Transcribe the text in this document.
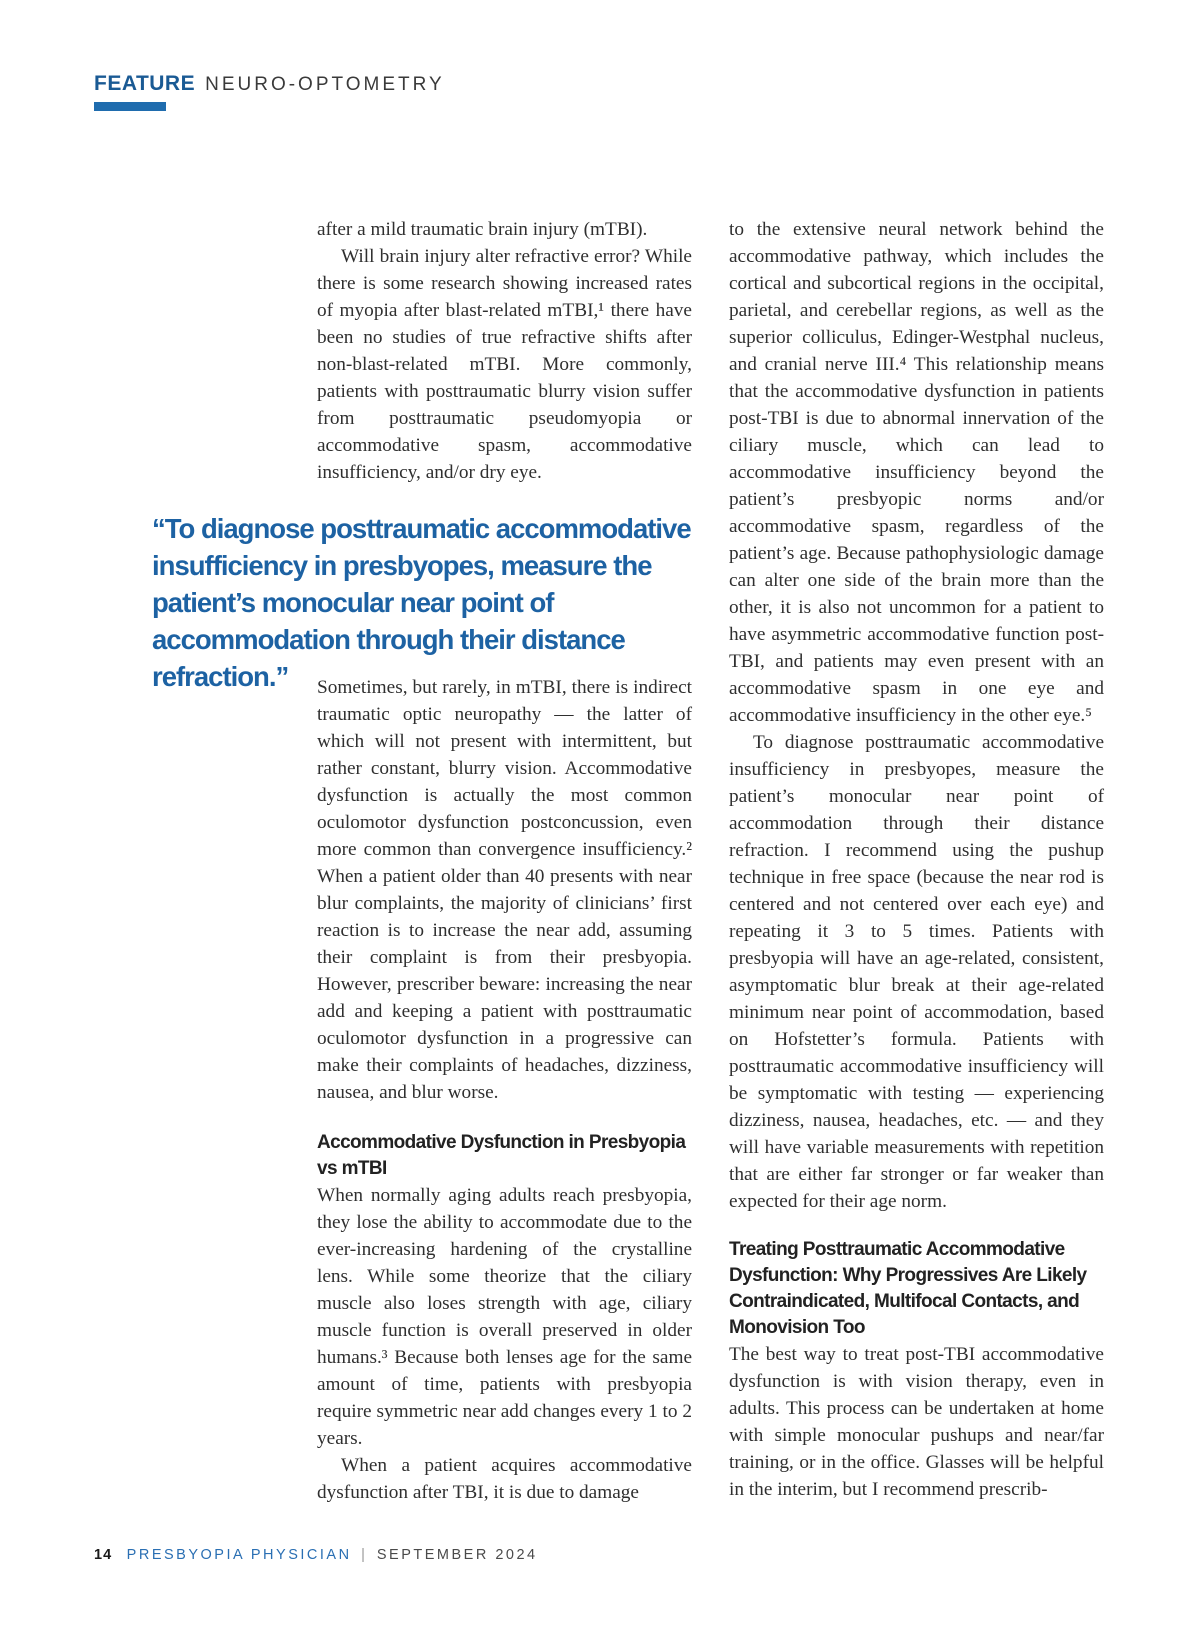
FEATURE NEURO-OPTOMETRY

after a mild traumatic brain injury (mTBI).

Will brain injury alter refractive error? While there is some research showing increased rates of myopia after blast-related mTBI,¹ there have been no studies of true refractive shifts after non-blast-related mTBI. More commonly, patients with posttraumatic blurry vision suffer from posttraumatic pseudomyopia or accommodative spasm, accommodative insufficiency, and/or dry eye.

“To diagnose posttraumatic accommodative insufficiency in presbyopes, measure the patient’s monocular near point of accommodation through their distance refraction.”	Sometimes, but rarely, in mTBI, there is indirect traumatic optic neuropathy — the latter of which will not present with intermittent, but rather constant, blurry vision. Accommodative dysfunction is actually the most common oculomotor dysfunction postconcussion, even more common than convergence insufficiency.² When a patient older than 40 presents with near blur complaints, the majority of clinicians’ first reaction is to increase the near add, assuming their complaint is from their presbyopia. However, prescriber beware: increasing the near add and keeping a patient with posttraumatic oculomotor dysfunction in a progressive can make their complaints of headaches, dizziness, nausea, and blur worse.

Accommodative Dysfunction in Presbyopia vs mTBI

When normally aging adults reach presbyopia, they lose the ability to accommodate due to the ever-increasing hardening of the crystalline lens. While some theorize that the ciliary muscle also loses strength with age, ciliary muscle function is overall preserved in older humans.³ Because both lenses age for the same amount of time, patients with presbyopia require symmetric near add changes every 1 to 2 years.

When a patient acquires accommodative dysfunction after TBI, it is due to damage

to the extensive neural network behind the accommodative pathway, which includes the cortical and subcortical regions in the occipital, parietal, and cerebellar regions, as well as the superior colliculus, Edinger-Westphal nucleus, and cranial nerve III.⁴ This relationship means that the accommodative dysfunction in patients post-TBI is due to abnormal innervation of the ciliary muscle, which can lead to accommodative insufficiency beyond the patient’s presbyopic norms and/or accommodative spasm, regardless of the patient’s age. Because pathophysiologic damage can alter one side of the brain more than the other, it is also not uncommon for a patient to have asymmetric accommodative function post-TBI, and patients may even present with an accommodative spasm in one eye and accommodative insufficiency in the other eye.⁵

To diagnose posttraumatic accommodative insufficiency in presbyopes, measure the patient’s monocular near point of accommodation through their distance refraction. I recommend using the pushup technique in free space (because the near rod is centered and not centered over each eye) and repeating it 3 to 5 times. Patients with presbyopia will have an age-related, consistent, asymptomatic blur break at their age-related minimum near point of accommodation, based on Hofstetter’s formula. Patients with posttraumatic accommodative insufficiency will be symptomatic with testing — experiencing dizziness, nausea, headaches, etc. — and they will have variable measurements with repetition that are either far stronger or far weaker than expected for their age norm.

Treating Posttraumatic Accommodative Dysfunction: Why Progressives Are Likely Contraindicated, Multifocal Contacts, and Monovision Too

The best way to treat post-TBI accommodative dysfunction is with vision therapy, even in adults. This process can be undertaken at home with simple monocular pushups and near/far training, or in the office. Glasses will be helpful in the interim, but I recommend prescrib-

14 PRESBYOPIA PHYSICIAN | SEPTEMBER 2024
